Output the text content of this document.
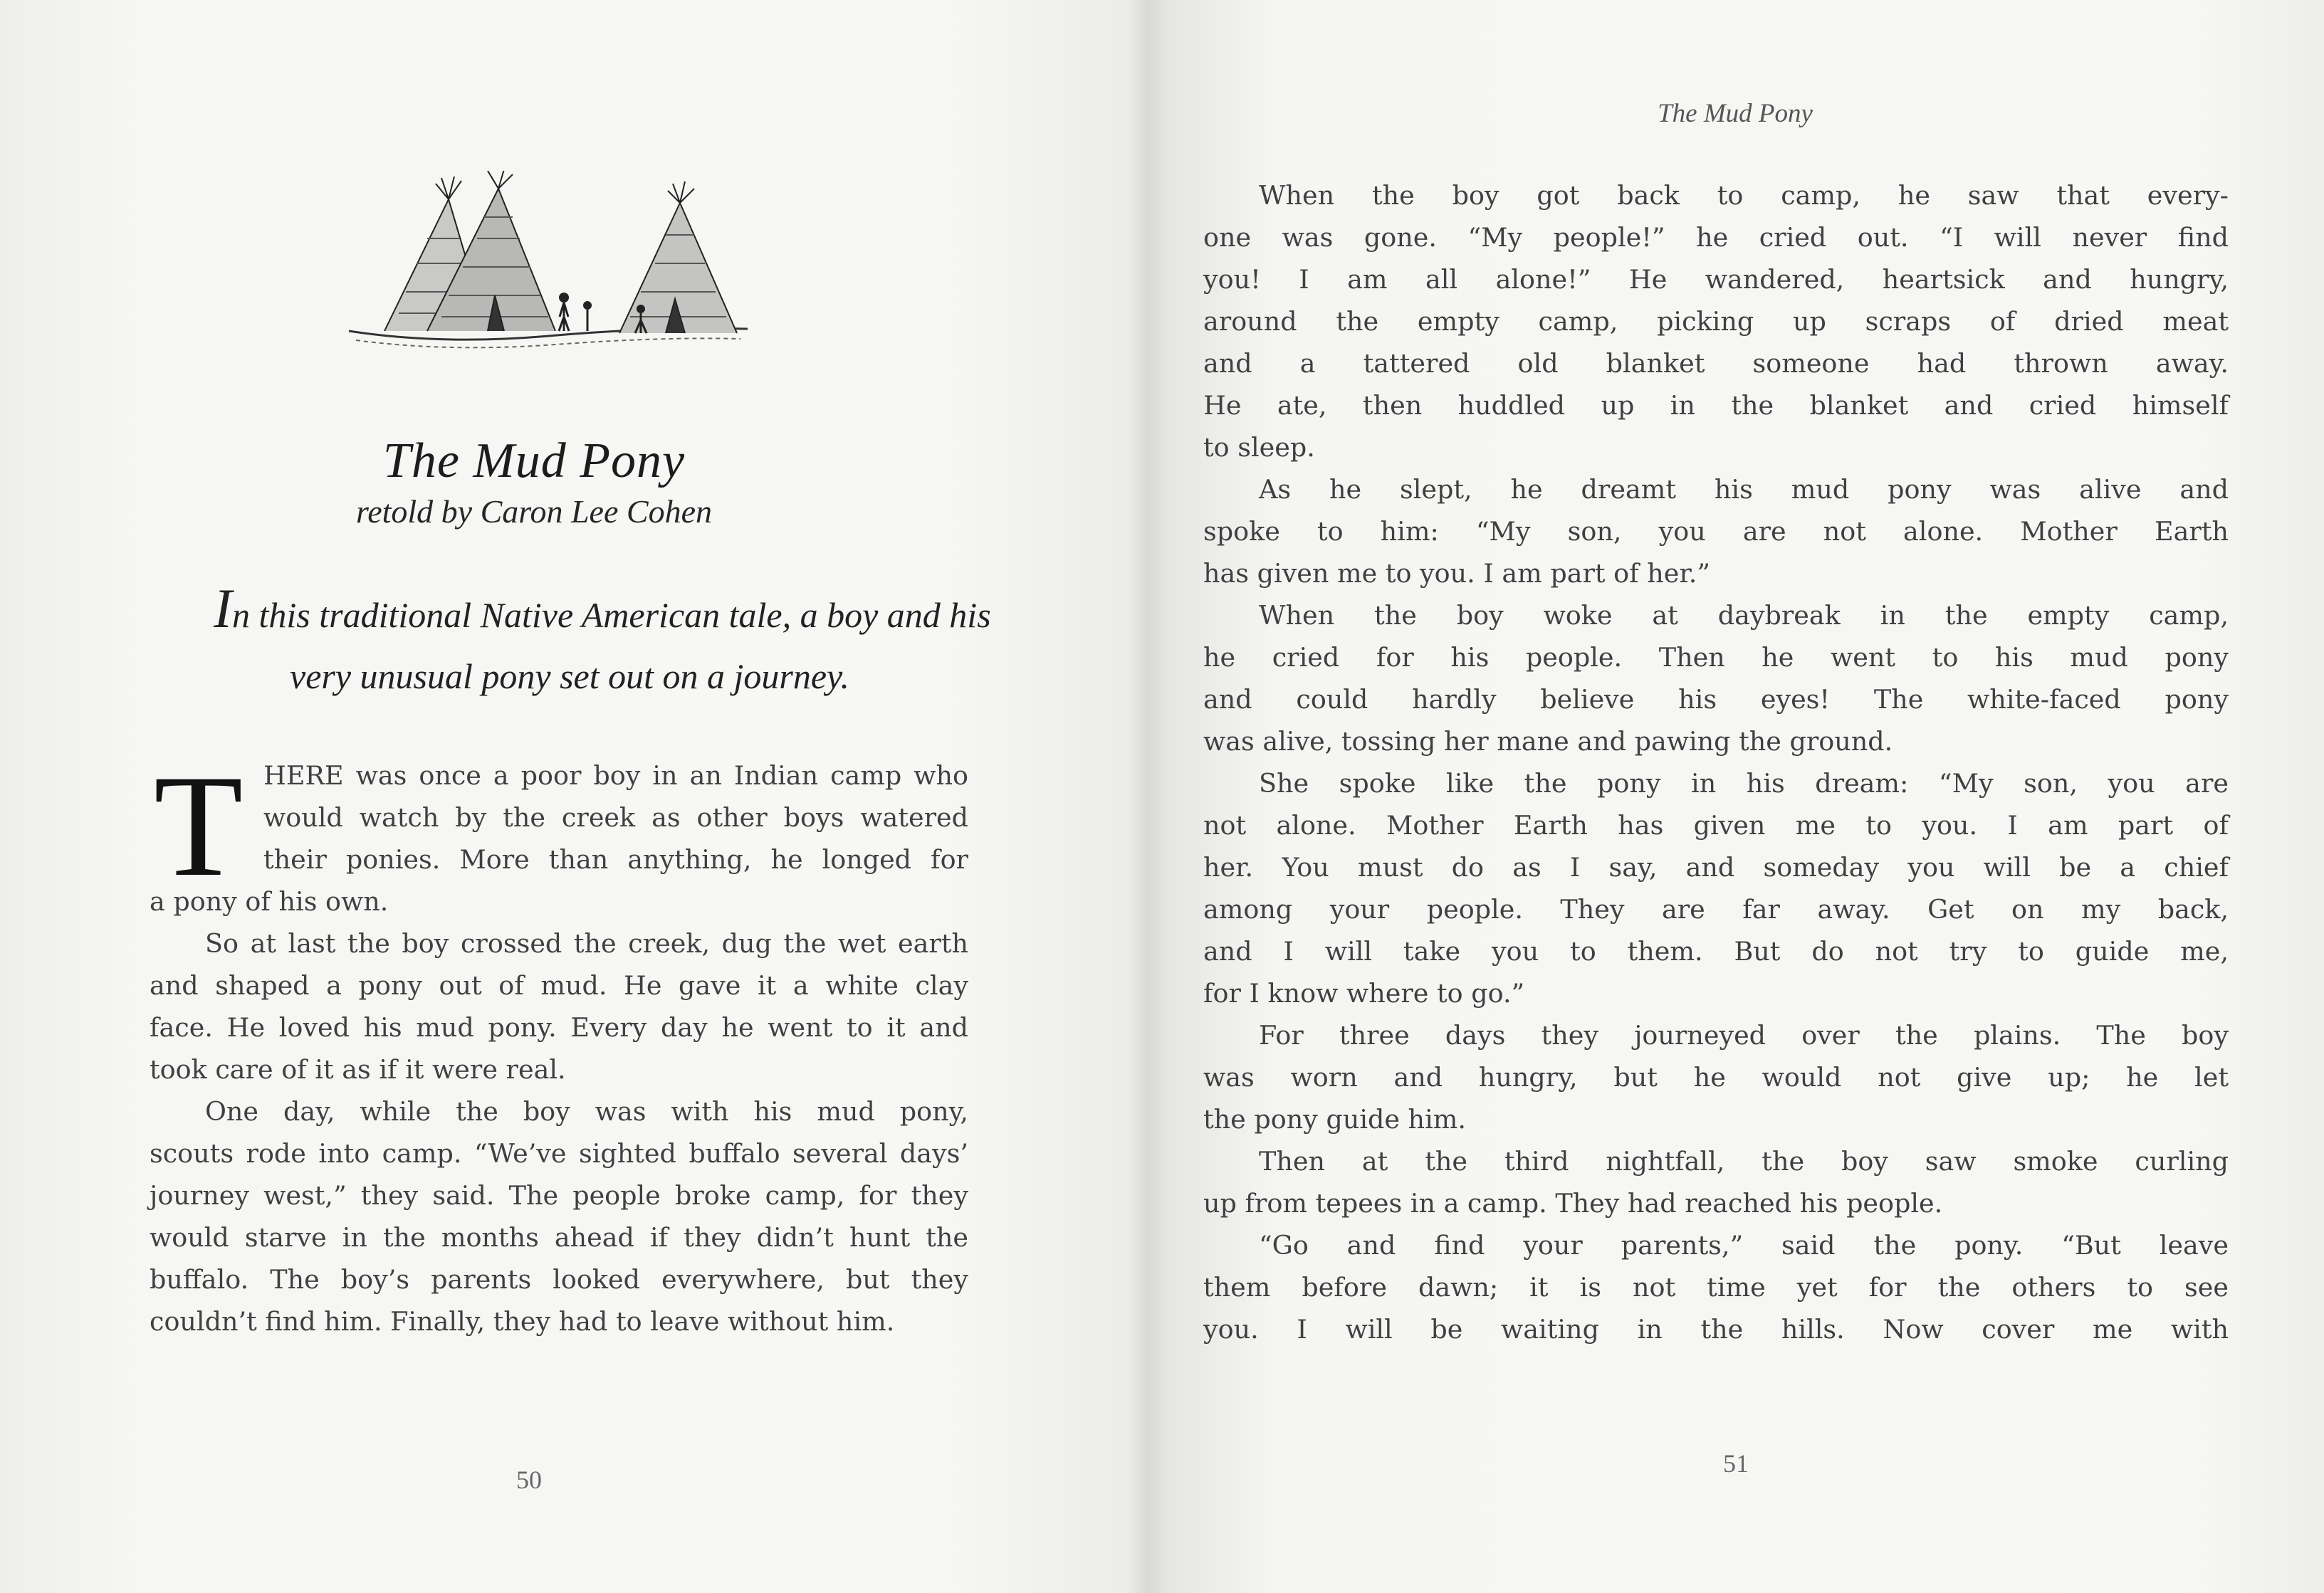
The Mud Pony
retold by Caron Lee Cohen
In this traditional Native American tale, a boy and his
very unusual pony set out on a journey.
T HERE was once a poor boy in an Indian camp who
would watch by the creek as other boys watered
their ponies. More than anything, he longed for
a pony of his own.
So at last the boy crossed the creek, dug the wet earth
and shaped a pony out of mud. He gave it a white clay
face. He loved his mud pony. Every day he went to it and
took care of it as if it were real.
One day, while the boy was with his mud pony,
scouts rode into camp. “We’ve sighted buffalo several days’
journey west,” they said. The people broke camp, for they
would starve in the months ahead if they didn’t hunt the
buffalo. The boy’s parents looked everywhere, but they
couldn’t find him. Finally, they had to leave without him.
50
The Mud Pony
When the boy got back to camp, he saw that every-
one was gone. “My people!” he cried out. “I will never find
you! I am all alone!” He wandered, heartsick and hungry,
around the empty camp, picking up scraps of dried meat
and a tattered old blanket someone had thrown away.
He ate, then huddled up in the blanket and cried himself
to sleep.
As he slept, he dreamt his mud pony was alive and
spoke to him: “My son, you are not alone. Mother Earth
has given me to you. I am part of her.”
When the boy woke at daybreak in the empty camp,
he cried for his people. Then he went to his mud pony
and could hardly believe his eyes! The white-faced pony
was alive, tossing her mane and pawing the ground.
She spoke like the pony in his dream: “My son, you are
not alone. Mother Earth has given me to you. I am part of
her. You must do as I say, and someday you will be a chief
among your people. They are far away. Get on my back,
and I will take you to them. But do not try to guide me,
for I know where to go.”
For three days they journeyed over the plains. The boy
was worn and hungry, but he would not give up; he let
the pony guide him.
Then at the third nightfall, the boy saw smoke curling
up from tepees in a camp. They had reached his people.
“Go and find your parents,” said the pony. “But leave
them before dawn; it is not time yet for the others to see
you. I will be waiting in the hills. Now cover me with
51
